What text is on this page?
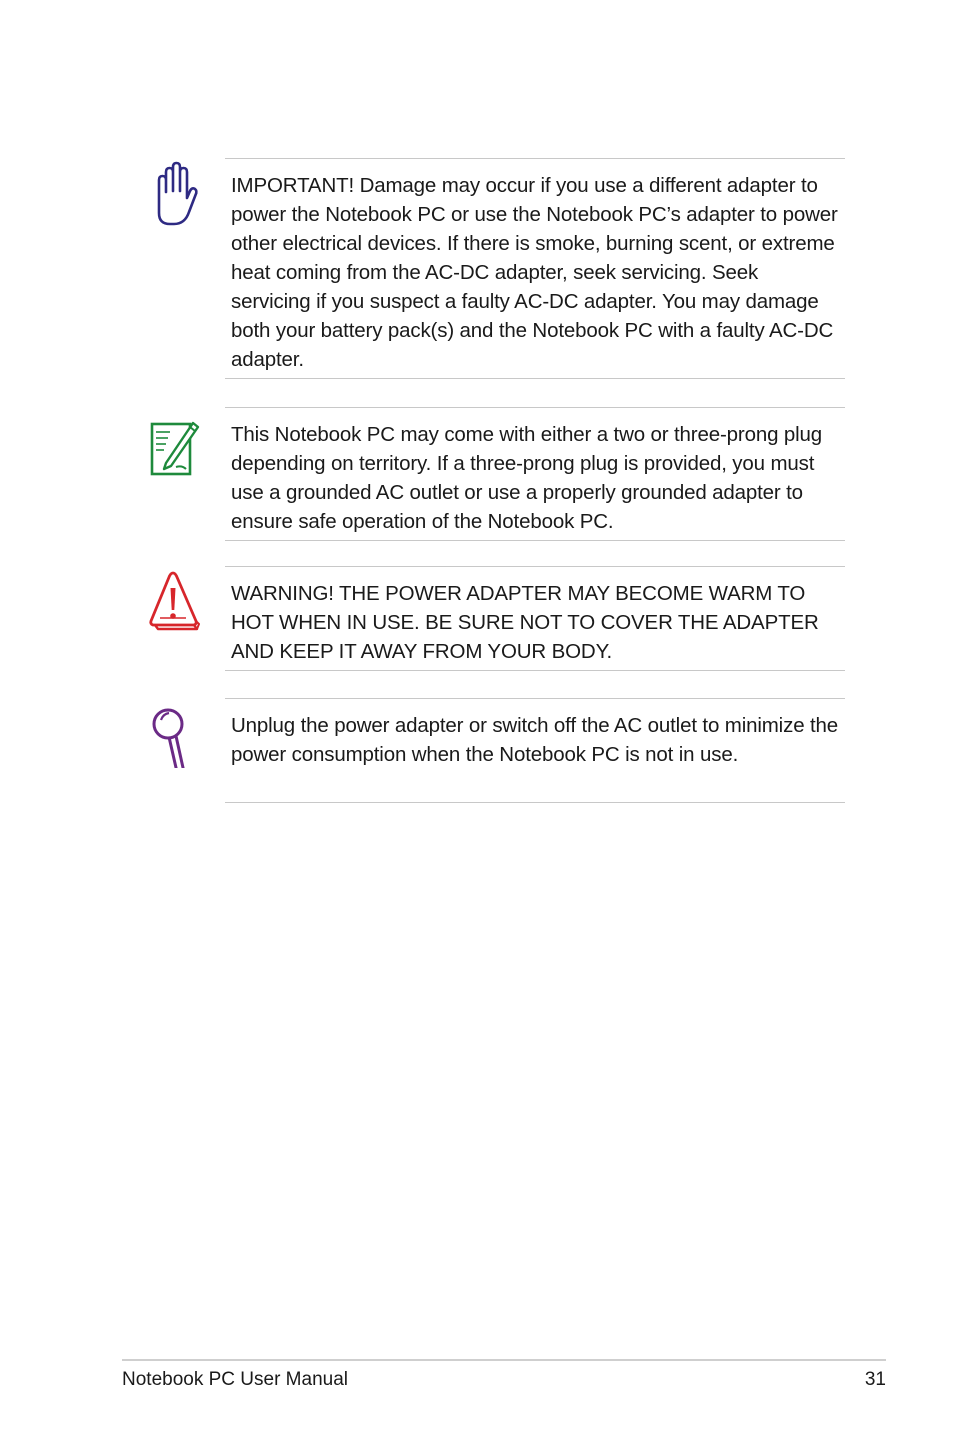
IMPORTANT! Damage may occur if you use a different adapter to power the Notebook PC or use the Notebook PC’s adapter to power other electrical devices. If there is smoke, burning scent, or extreme heat coming from the AC-DC adapter, seek servicing. Seek servicing if you suspect a faulty AC-DC adapter. You may damage both your battery pack(s) and the Notebook PC with a faulty AC-DC adapter.

This Notebook PC may come with either a two or three-prong plug depending on territory. If a three-prong plug is provided, you must use a grounded AC outlet or use a properly grounded adapter to ensure safe operation of the Notebook PC.

WARNING! THE POWER ADAPTER MAY BECOME WARM TO HOT WHEN IN USE. BE SURE NOT TO COVER THE ADAPTER AND KEEP IT AWAY FROM YOUR BODY.

Unplug the power adapter or switch off the AC outlet to minimize the power consumption when the Notebook PC is not in use.

Notebook PC User Manual	31
